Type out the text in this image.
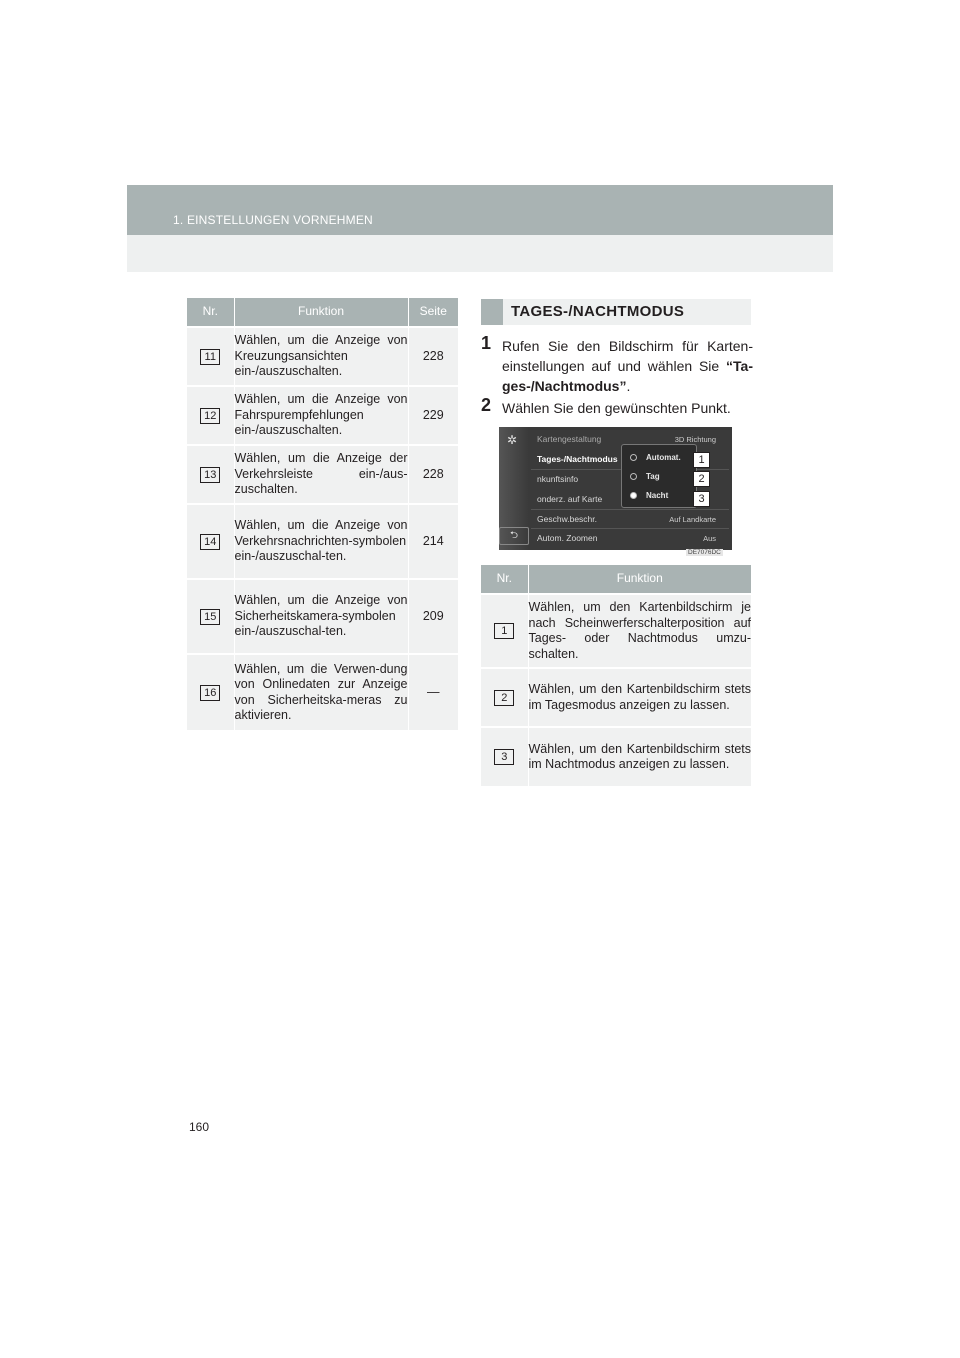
1. EINSTELLUNGEN VORNEHMEN
Nr.	Funktion	Seite
11	Wählen, um die Anzeige von Kreuzungsansichten ein-/auszuschalten.	228
12	Wählen, um die Anzeige von Fahrspurempfehlungen ein-/auszuschalten.	229
13	Wählen, um die Anzeige der Verkehrsleiste ein-/aus-zuschalten.	228
14	Wählen, um die Anzeige von Verkehrsnachrichten-symbolen ein-/auszuschal-ten.	214
15	Wählen, um die Anzeige von Sicherheitskamera-symbolen ein-/auszuschal-ten.	209
16	Wählen, um die Verwen-dung von Onlinedaten zur Anzeige von Sicherheitska-meras zu aktivieren.	—
TAGES-/NACHTMODUS
1 Rufen Sie den Bildschirm für Karten-einstellungen auf und wählen Sie “Ta-ges-/Nachtmodus”.
2 Wählen Sie den gewünschten Punkt.
✲ Kartengestaltung
Tages-/Nachtmodus
nkunftsinfo
onderz. auf Karte
Geschw.beschr.
Autom. Zoomen
3D Richtung
Auf Landkarte
Aus
⮌
Automat.
Tag
Nacht
1
2
3
DE7076DC
Nr.	Funktion
1	Wählen, um den Kartenbildschirm je nach Scheinwerferschalterposition auf Tages- oder Nachtmodus umzu-schalten.
2	Wählen, um den Kartenbildschirm stets im Tagesmodus anzeigen zu lassen.
3	Wählen, um den Kartenbildschirm stets im Nachtmodus anzeigen zu lassen.
160
